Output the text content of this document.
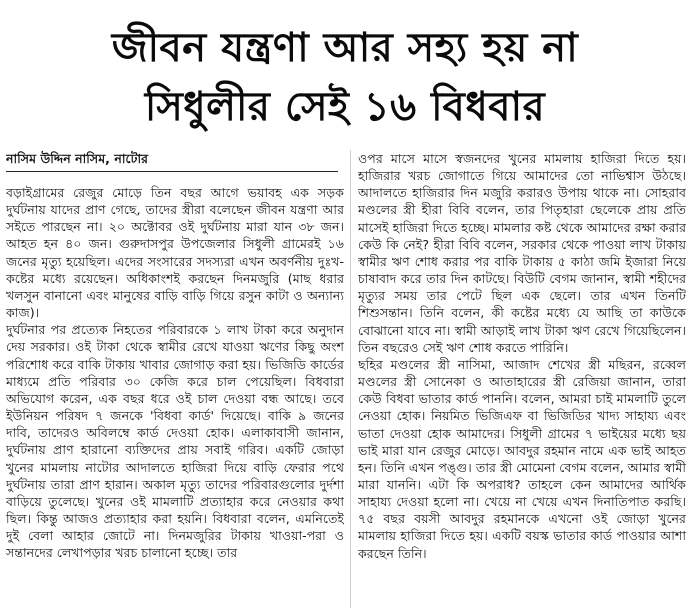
জীবন যন্ত্রণা আর সহ্য হয় না
সিধুলীর সেই ১৬ বিধবার
নাসিম উদ্দিন নাসিম, নাটোর

বড়াইগ্রামের রেজুর মোড়ে তিন বছর আগে ভয়াবহ এক সড়ক দুর্ঘটনায় যাদের প্রাণ গেছে, তাদের স্ত্রীরা বলেছেন জীবন যন্ত্রণা আর সইতে পারছেন না। ২০ অক্টোবর ওই দুর্ঘটনায় মারা যান ৩৮ জন। আহত হন ৪০ জন। গুরুদাসপুর উপজেলার সিধুলী গ্রামেরই ১৬ জনের মৃত্যু হয়েছিল। এদের সংসারের সদস্যরা এখন অবর্ণনীয় দুঃখ-কষ্টের মধ্যে রয়েছেন। অধিকাংশই করছেন দিনমজুরি (মাছ ধরার খলসুন বানানো এবং মানুষের বাড়ি বাড়ি গিয়ে রসুন কাটা ও অন্যান্য কাজ)।

দুর্ঘটনার পর প্রত্যেক নিহতের পরিবারকে ১ লাখ টাকা করে অনুদান দেয় সরকার। ওই টাকা থেকে স্বামীর রেখে যাওয়া ঋণের কিছু অংশ পরিশোধ করে বাকি টাকায় খাবার জোগাড় করা হয়। ভিজিডি কার্ডের মাধ্যমে প্রতি পরিবার ৩০ কেজি করে চাল পেয়েছিল। বিধবারা অভিযোগ করেন, এক বছর ধরে ওই চাল দেওয়া বন্ধ আছে। তবে ইউনিয়ন পরিষদ ৭ জনকে 'বিধবা কার্ড' দিয়েছে। বাকি ৯ জনের দাবি, তাদেরও অবিলম্বে কার্ড দেওয়া হোক। এলাকাবাসী জানান, দুর্ঘটনায় প্রাণ হারানো ব্যক্তিদের প্রায় সবাই গরিব। একটি জোড়া খুনের মামলায় নাটোর আদালতে হাজিরা দিয়ে বাড়ি ফেরার পথে দুর্ঘটনায় তারা প্রাণ হারান। অকাল মৃত্যু তাদের পরিবারগুলোর দুর্দশা বাড়িয়ে তুলেছে। খুনের ওই মামলাটি প্রত্যাহার করে নেওয়ার কথা ছিল। কিন্তু আজও প্রত্যাহার করা হয়নি। বিধবারা বলেন, এমনিতেই দুই বেলা আহার জোটে না। দিনমজুরির টাকায় খাওয়া-পরা ও সন্তানদের লেখাপড়ার খরচ চালানো হচ্ছে। তার

ওপর মাসে মাসে স্বজনদের খুনের মামলায় হাজিরা দিতে হয়। হাজিরার খরচ জোগাতে গিয়ে আমাদের তো নাভিশ্বাস উঠছে। আদালতে হাজিরার দিন মজুরি করারও উপায় থাকে না। সোহরাব মণ্ডলের স্ত্রী হীরা বিবি বলেন, তার পিতৃহারা ছেলেকে প্রায় প্রতি মাসেই হাজিরা দিতে হচ্ছে। মামলার কষ্ট থেকে আমাদের রক্ষা করার কেউ কি নেই? হীরা বিবি বলেন, সরকার থেকে পাওয়া লাখ টাকায় স্বামীর ঋণ শোধ করার পর বাকি টাকায় ৫ কাঠা জমি ইজারা নিয়ে চাষাবাদ করে তার দিন কাটছে। বিউটি বেগম জানান, স্বামী শহীদের মৃত্যুর সময় তার পেটে ছিল এক ছেলে। তার এখন তিনটি শিশুসন্তান। তিনি বলেন, কী কষ্টের মধ্যে যে আছি তা কাউকে বোঝানো যাবে না। স্বামী আড়াই লাখ টাকা ঋণ রেখে গিয়েছিলেন। তিন বছরেও সেই ঋণ শোধ করতে পারিনি।

ছহির মণ্ডলের স্ত্রী নাসিমা, আজাদ শেখের স্ত্রী মছিরন, রব্বেল মণ্ডলের স্ত্রী সোনেকা ও আতাহারের স্ত্রী রেজিয়া জানান, তারা কেউ বিধবা ভাতার কার্ড পাননি। বলেন, আমরা চাই মামলাটি তুলে নেওয়া হোক। নিয়মিত ভিজিএফ বা ভিজিডির খাদ্য সাহায্য এবং ভাতা দেওয়া হোক আমাদের। সিধুলী গ্রামের ৭ ভাইয়ের মধ্যে ছয় ভাই মারা যান রেজুর মোড়ে। আবদুর রহমান নামে এক ভাই আহত হন। তিনি এখন পঙ্গু। তার স্ত্রী মোমেনা বেগম বলেন, আমার স্বামী মারা যাননি। এটা কি অপরাধ? তাহলে কেন আমাদের আর্থিক সাহায্য দেওয়া হলো না। খেয়ে না খেয়ে এখন দিনাতিপাত করছি। ৭৫ বছর বয়সী আবদুর রহমানকে এখনো ওই জোড়া খুনের মামলায় হাজিরা দিতে হয়। একটি বয়স্ক ভাতার কার্ড পাওয়ার আশা করছেন তিনি।
